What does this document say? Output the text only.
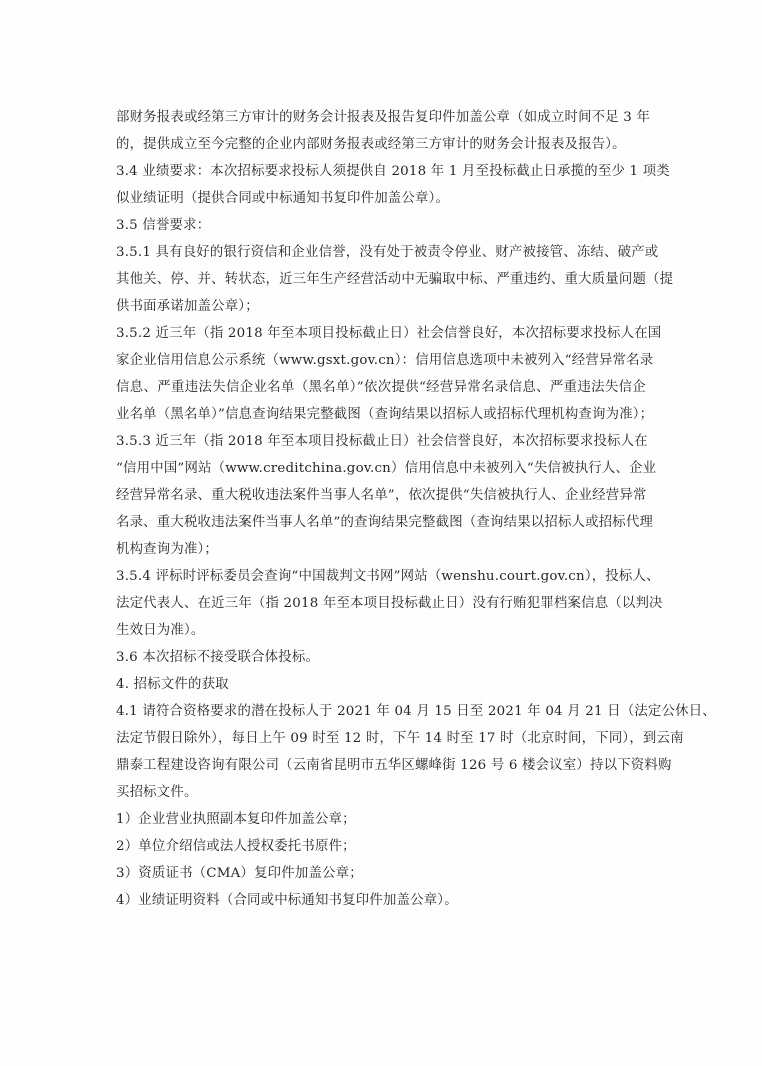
部财务报表或经第三方审计的财务会计报表及报告复印件加盖公章（如成立时间不足 3 年
的，提供成立至今完整的企业内部财务报表或经第三方审计的财务会计报表及报告）。
3.4 业绩要求：本次招标要求投标人须提供自 2018 年 1 月至投标截止日承揽的至少 1 项类
似业绩证明（提供合同或中标通知书复印件加盖公章）。
3.5 信誉要求：
3.5.1 具有良好的银行资信和企业信誉，没有处于被责令停业、财产被接管、冻结、破产或
其他关、停、并、转状态，近三年生产经营活动中无骗取中标、严重违约、重大质量问题（提
供书面承诺加盖公章）；
3.5.2 近三年（指 2018 年至本项目投标截止日）社会信誉良好，本次招标要求投标人在国
家企业信用信息公示系统（www.gsxt.gov.cn）：信用信息选项中未被列入“经营异常名录
信息、严重违法失信企业名单（黑名单）”依次提供“经营异常名录信息、严重违法失信企
业名单（黑名单）”信息查询结果完整截图（查询结果以招标人或招标代理机构查询为准）；
3.5.3 近三年（指 2018 年至本项目投标截止日）社会信誉良好，本次招标要求投标人在
“信用中国”网站（www.creditchina.gov.cn）信用信息中未被列入“失信被执行人、企业
经营异常名录、重大税收违法案件当事人名单”，依次提供“失信被执行人、企业经营异常
名录、重大税收违法案件当事人名单”的查询结果完整截图（查询结果以招标人或招标代理
机构查询为准）；
3.5.4 评标时评标委员会查询“中国裁判文书网”网站（wenshu.court.gov.cn），投标人、
法定代表人、在近三年（指 2018 年至本项目投标截止日）没有行贿犯罪档案信息（以判决
生效日为准）。
3.6 本次招标不接受联合体投标。
4. 招标文件的获取
4.1 请符合资格要求的潜在投标人于 2021 年 04 月 15 日至 2021 年 04 月 21 日（法定公休日、
法定节假日除外），每日上午 09 时至 12 时，下午 14 时至 17 时（北京时间，下同），到云南
鼎泰工程建设咨询有限公司（云南省昆明市五华区螺峰街 126 号 6 楼会议室）持以下资料购
买招标文件。
1）企业营业执照副本复印件加盖公章；
2）单位介绍信或法人授权委托书原件；
3）资质证书（CMA）复印件加盖公章；
4）业绩证明资料（合同或中标通知书复印件加盖公章）。
